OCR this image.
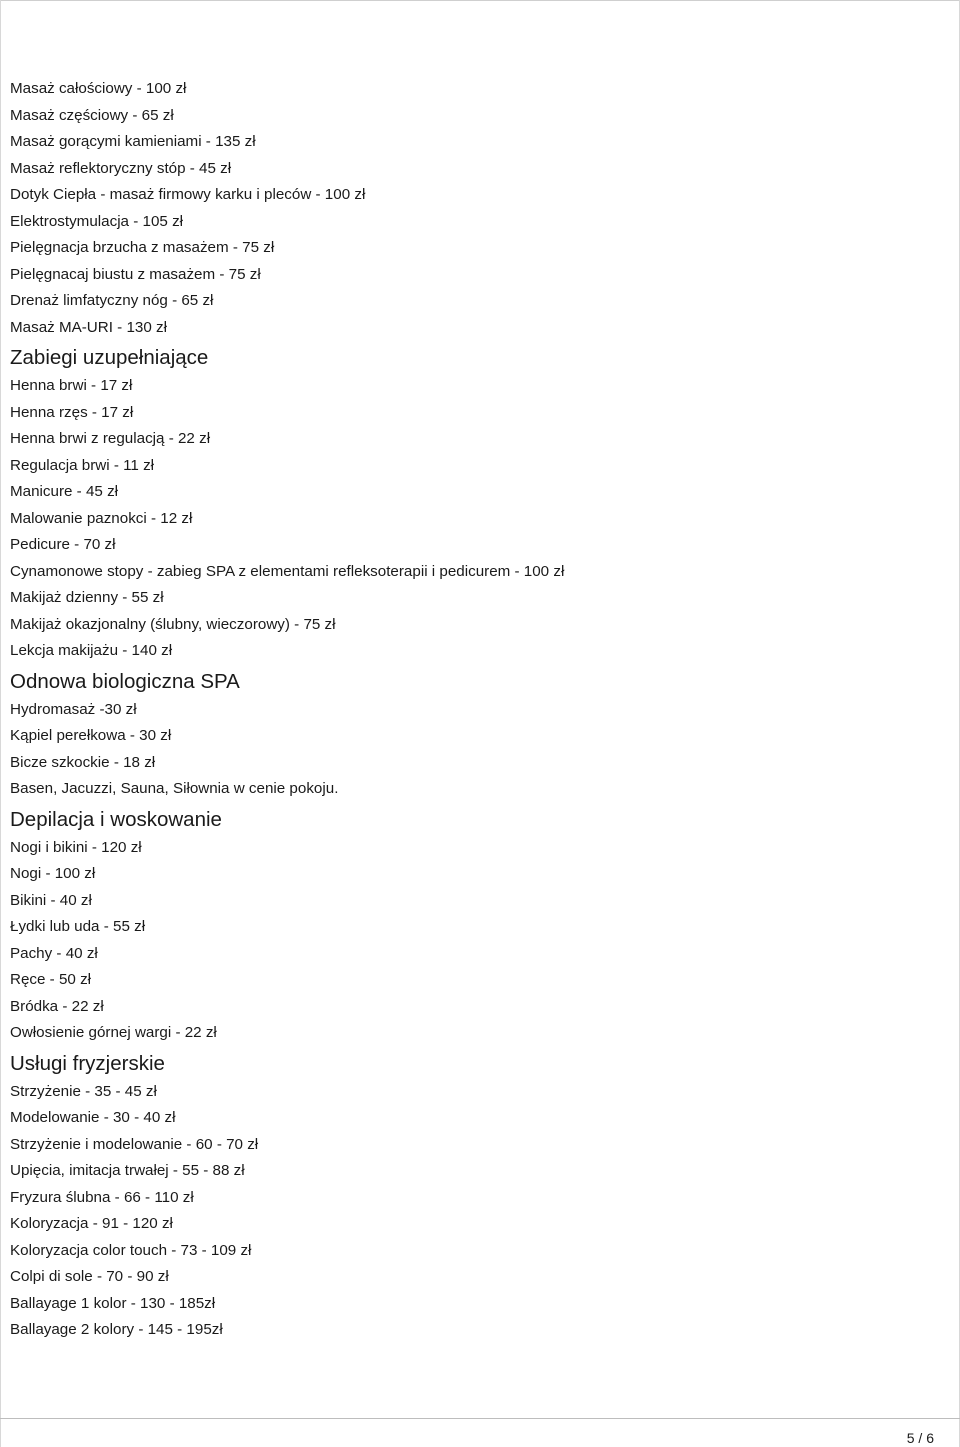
Masaż całościowy - 100 zł
Masaż częściowy - 65 zł
Masaż gorącymi kamieniami - 135 zł
Masaż reflektoryczny stóp - 45 zł
Dotyk Ciepła - masaż firmowy karku i pleców - 100 zł
Elektrostymulacja - 105 zł
Pielęgnacja brzucha z masażem - 75 zł
Pielęgnacaj biustu z masażem - 75 zł
Drenaż limfatyczny nóg - 65 zł
Masaż MA-URI - 130 zł
Zabiegi uzupełniające
Henna brwi - 17 zł
Henna rzęs - 17 zł
Henna brwi z regulacją - 22 zł
Regulacja brwi - 11 zł
Manicure - 45 zł
Malowanie paznokci - 12 zł
Pedicure - 70 zł
Cynamonowe stopy - zabieg SPA z elementami refleksoterapii i pedicurem - 100 zł
Makijaż dzienny - 55 zł
Makijaż okazjonalny (ślubny, wieczorowy) - 75 zł
Lekcja makijażu - 140 zł
Odnowa biologiczna SPA
Hydromasaż -30 zł
Kąpiel perełkowa - 30 zł
Bicze szkockie - 18 zł
Basen, Jacuzzi, Sauna, Siłownia w cenie pokoju.
Depilacja i woskowanie
Nogi i bikini - 120 zł
Nogi - 100 zł
Bikini - 40 zł
Łydki lub uda - 55 zł
Pachy - 40 zł
Ręce - 50 zł
Bródka - 22 zł
Owłosienie górnej wargi - 22 zł
Usługi fryzjerskie
Strzyżenie - 35 - 45 zł
Modelowanie - 30 - 40 zł
Strzyżenie i modelowanie - 60 - 70 zł
Upięcia, imitacja trwałej - 55 - 88 zł
Fryzura ślubna - 66 - 110 zł
Koloryzacja - 91 - 120 zł
Koloryzacja color touch - 73 - 109 zł
Colpi di sole - 70 - 90 zł
Ballayage 1 kolor - 130 - 185zł
Ballayage 2 kolory - 145 - 195zł
5 / 6
